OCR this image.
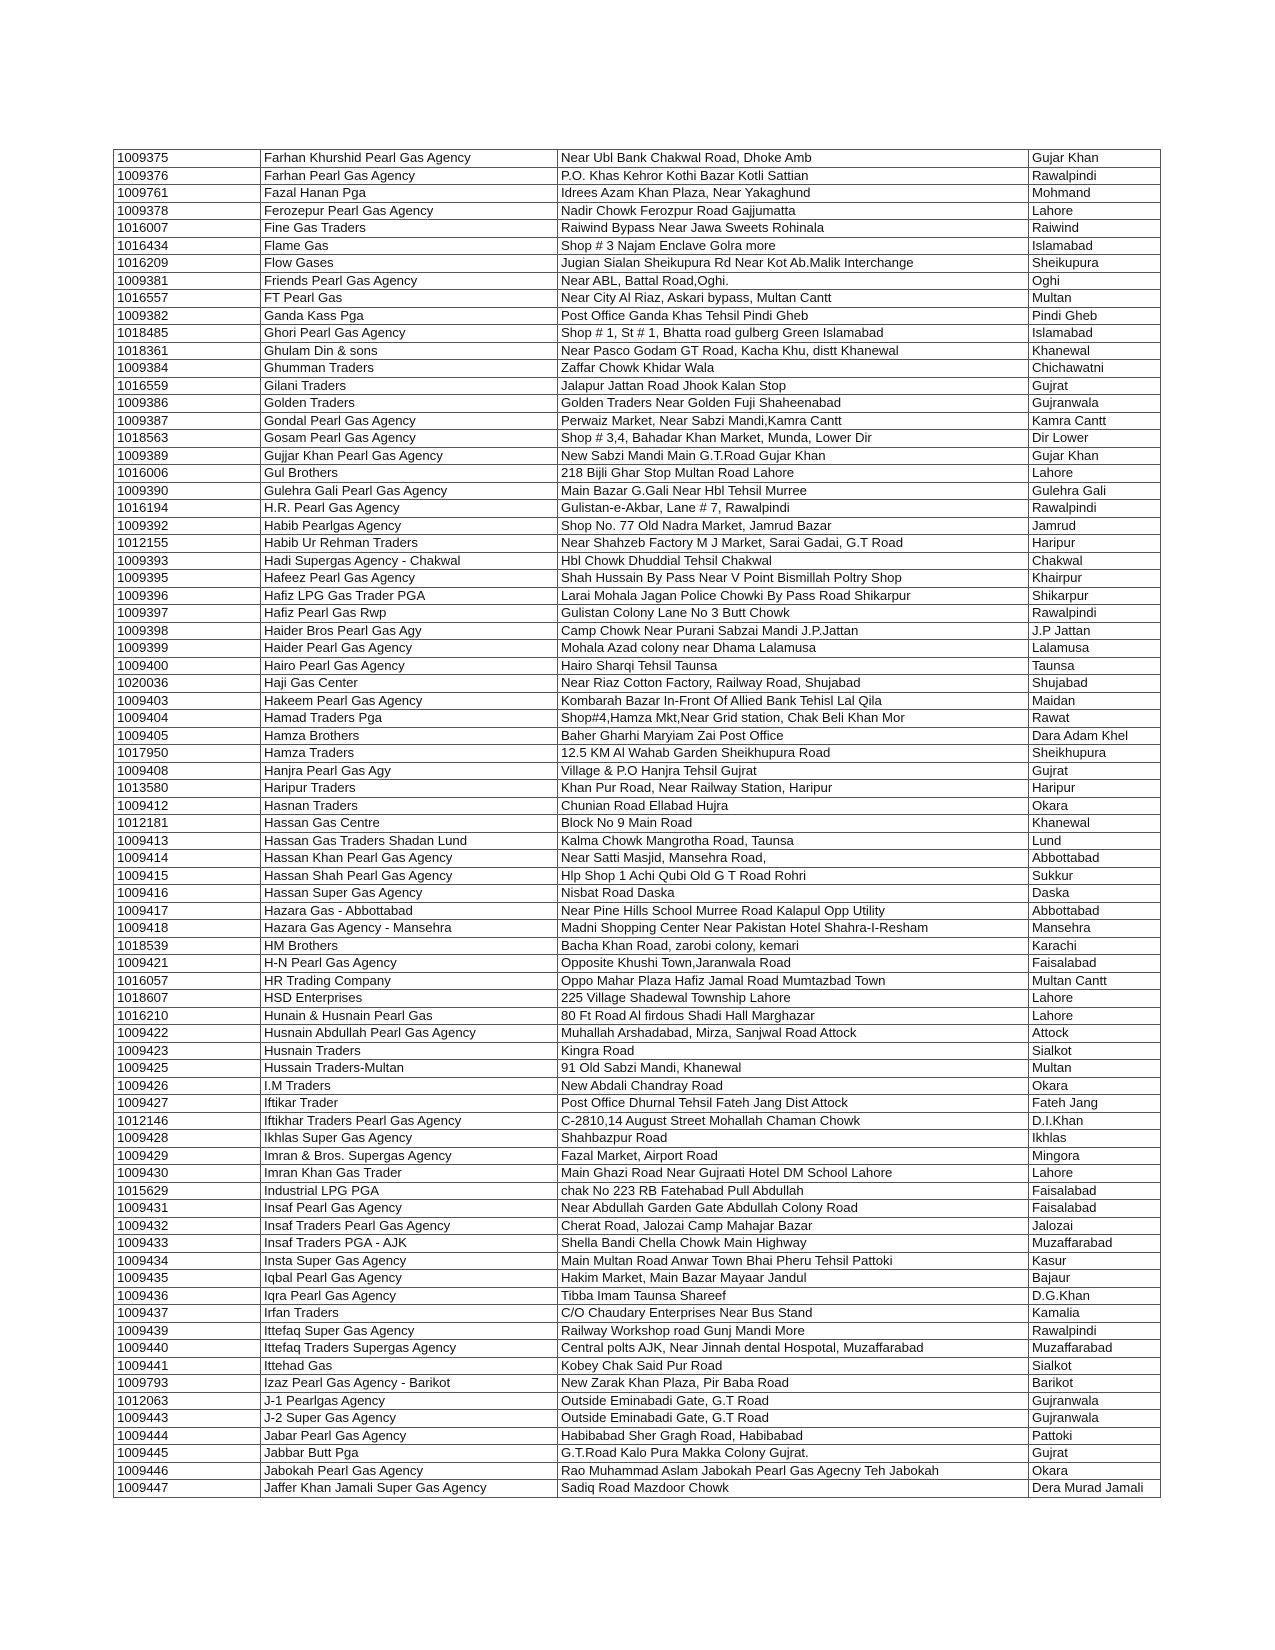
1009375	Farhan Khurshid Pearl Gas Agency	Near Ubl Bank Chakwal Road, Dhoke Amb	Gujar Khan
1009376	Farhan Pearl Gas Agency	P.O. Khas Kehror Kothi Bazar Kotli Sattian	Rawalpindi
1009761	Fazal Hanan Pga	Idrees Azam Khan Plaza, Near Yakaghund	Mohmand
1009378	Ferozepur Pearl Gas Agency	Nadir Chowk Ferozpur Road Gajjumatta	Lahore
1016007	Fine Gas Traders	Raiwind Bypass Near Jawa Sweets Rohinala	Raiwind
1016434	Flame Gas	Shop # 3 Najam Enclave Golra more	Islamabad
1016209	Flow Gases	Jugian Sialan Sheikupura Rd Near Kot Ab.Malik Interchange	Sheikupura
1009381	Friends Pearl Gas Agency	Near ABL, Battal Road,Oghi.	Oghi
1016557	FT Pearl Gas	Near City Al Riaz, Askari bypass, Multan Cantt	Multan
1009382	Ganda Kass Pga	Post Office Ganda Khas Tehsil Pindi Gheb	Pindi Gheb
1018485	Ghori Pearl Gas Agency	Shop # 1, St # 1, Bhatta road gulberg Green Islamabad	Islamabad
1018361	Ghulam Din & sons	Near Pasco Godam GT Road, Kacha Khu, distt Khanewal	Khanewal
1009384	Ghumman Traders	Zaffar Chowk Khidar Wala	Chichawatni
1016559	Gilani Traders	Jalapur Jattan Road Jhook Kalan Stop	Gujrat
1009386	Golden Traders	Golden Traders Near Golden Fuji Shaheenabad	Gujranwala
1009387	Gondal Pearl Gas Agency	Perwaiz Market, Near Sabzi Mandi,Kamra Cantt	Kamra Cantt
1018563	Gosam Pearl Gas Agency	Shop # 3,4, Bahadar Khan Market, Munda, Lower Dir	Dir Lower
1009389	Gujjar Khan Pearl Gas Agency	New Sabzi Mandi Main G.T.Road Gujar Khan	Gujar Khan
1016006	Gul Brothers	218 Bijli Ghar Stop Multan Road Lahore	Lahore
1009390	Gulehra Gali Pearl Gas Agency	Main Bazar G.Gali Near Hbl Tehsil Murree	Gulehra Gali
1016194	H.R. Pearl Gas Agency	Gulistan-e-Akbar, Lane # 7, Rawalpindi	Rawalpindi
1009392	Habib Pearlgas Agency	Shop No. 77 Old Nadra Market, Jamrud Bazar	Jamrud
1012155	Habib Ur Rehman Traders	Near Shahzeb Factory M J Market, Sarai Gadai, G.T Road	Haripur
1009393	Hadi Supergas Agency - Chakwal	Hbl Chowk Dhuddial Tehsil Chakwal	Chakwal
1009395	Hafeez Pearl Gas Agency	Shah Hussain By Pass Near V Point Bismillah Poltry Shop	Khairpur
1009396	Hafiz LPG Gas Trader PGA	Larai Mohala Jagan Police Chowki By Pass Road Shikarpur	Shikarpur
1009397	Hafiz Pearl Gas Rwp	Gulistan Colony Lane No 3 Butt Chowk	Rawalpindi
1009398	Haider Bros Pearl Gas Agy	Camp Chowk Near Purani Sabzai Mandi J.P.Jattan	J.P Jattan
1009399	Haider Pearl Gas Agency	Mohala Azad colony near Dhama Lalamusa	Lalamusa
1009400	Hairo Pearl Gas Agency	Hairo Sharqi Tehsil Taunsa	Taunsa
1020036	Haji Gas Center	Near Riaz Cotton Factory, Railway Road, Shujabad	Shujabad
1009403	Hakeem Pearl Gas Agency	Kombarah Bazar In-Front Of Allied Bank Tehisl Lal Qila	Maidan
1009404	Hamad Traders Pga	Shop#4,Hamza Mkt,Near Grid station, Chak Beli Khan Mor	Rawat
1009405	Hamza Brothers	Baher Gharhi Maryiam Zai Post Office	Dara Adam Khel
1017950	Hamza Traders	12.5 KM Al Wahab Garden Sheikhupura Road	Sheikhupura
1009408	Hanjra Pearl Gas Agy	Village & P.O Hanjra Tehsil Gujrat	Gujrat
1013580	Haripur Traders	Khan Pur Road, Near Railway Station, Haripur	Haripur
1009412	Hasnan Traders	Chunian Road Ellabad Hujra	Okara
1012181	Hassan Gas Centre	Block No 9 Main Road	Khanewal
1009413	Hassan Gas Traders Shadan Lund	Kalma Chowk Mangrotha Road, Taunsa	Lund
1009414	Hassan Khan Pearl Gas Agency	Near Satti Masjid, Mansehra Road,	Abbottabad
1009415	Hassan Shah Pearl Gas Agency	Hlp Shop 1 Achi Qubi Old G T Road Rohri	Sukkur
1009416	Hassan Super Gas Agency	Nisbat Road Daska	Daska
1009417	Hazara Gas - Abbottabad	Near Pine Hills School Murree Road Kalapul Opp Utility	Abbottabad
1009418	Hazara Gas Agency - Mansehra	Madni Shopping Center Near Pakistan Hotel Shahra-I-Resham	Mansehra
1018539	HM Brothers	Bacha Khan Road, zarobi colony, kemari	Karachi
1009421	H-N Pearl Gas Agency	Opposite Khushi Town,Jaranwala Road	Faisalabad
1016057	HR Trading Company	Oppo Mahar Plaza Hafiz Jamal Road Mumtazbad Town	Multan Cantt
1018607	HSD Enterprises	225 Village Shadewal Township Lahore	Lahore
1016210	Hunain & Husnain Pearl Gas	80 Ft Road Al firdous Shadi Hall Marghazar	Lahore
1009422	Husnain Abdullah Pearl Gas Agency	Muhallah Arshadabad, Mirza, Sanjwal Road Attock	Attock
1009423	Husnain Traders	Kingra Road	Sialkot
1009425	Hussain Traders-Multan	91 Old Sabzi Mandi, Khanewal	Multan
1009426	I.M Traders	New Abdali Chandray Road	Okara
1009427	Iftikar Trader	Post Office Dhurnal Tehsil Fateh Jang Dist Attock	Fateh Jang
1012146	Iftikhar Traders Pearl Gas Agency	C-2810,14 August Street Mohallah Chaman Chowk	D.I.Khan
1009428	Ikhlas Super Gas Agency	Shahbazpur Road	Ikhlas
1009429	Imran & Bros. Supergas Agency	Fazal Market, Airport Road	Mingora
1009430	Imran Khan Gas Trader	Main Ghazi Road Near Gujraati Hotel DM School Lahore	Lahore
1015629	Industrial LPG PGA	chak No 223 RB Fatehabad Pull Abdullah	Faisalabad
1009431	Insaf Pearl Gas Agency	Near Abdullah Garden Gate Abdullah Colony Road	Faisalabad
1009432	Insaf Traders Pearl Gas Agency	Cherat Road, Jalozai Camp Mahajar Bazar	Jalozai
1009433	Insaf Traders PGA - AJK	Shella Bandi Chella Chowk Main Highway	Muzaffarabad
1009434	Insta Super Gas Agency	Main Multan Road Anwar Town Bhai Pheru Tehsil Pattoki	Kasur
1009435	Iqbal Pearl Gas Agency	Hakim Market, Main Bazar Mayaar Jandul	Bajaur
1009436	Iqra Pearl Gas Agency	Tibba Imam Taunsa Shareef	D.G.Khan
1009437	Irfan Traders	C/O Chaudary Enterprises Near Bus Stand	Kamalia
1009439	Ittefaq Super Gas Agency	Railway Workshop road Gunj Mandi More	Rawalpindi
1009440	Ittefaq Traders Supergas Agency	Central polts AJK, Near Jinnah dental Hospotal, Muzaffarabad	Muzaffarabad
1009441	Ittehad Gas	Kobey Chak Said Pur Road	Sialkot
1009793	Izaz Pearl Gas Agency - Barikot	New Zarak Khan Plaza, Pir Baba Road	Barikot
1012063	J-1 Pearlgas Agency	Outside Eminabadi Gate, G.T Road	Gujranwala
1009443	J-2 Super Gas Agency	Outside Eminabadi Gate, G.T Road	Gujranwala
1009444	Jabar Pearl Gas Agency	Habibabad Sher Gragh Road, Habibabad	Pattoki
1009445	Jabbar Butt Pga	G.T.Road Kalo Pura Makka Colony Gujrat.	Gujrat
1009446	Jabokah Pearl Gas Agency	Rao Muhammad Aslam Jabokah Pearl Gas Agecny Teh Jabokah	Okara
1009447	Jaffer Khan Jamali Super Gas Agency	Sadiq Road Mazdoor Chowk	Dera Murad Jamali
